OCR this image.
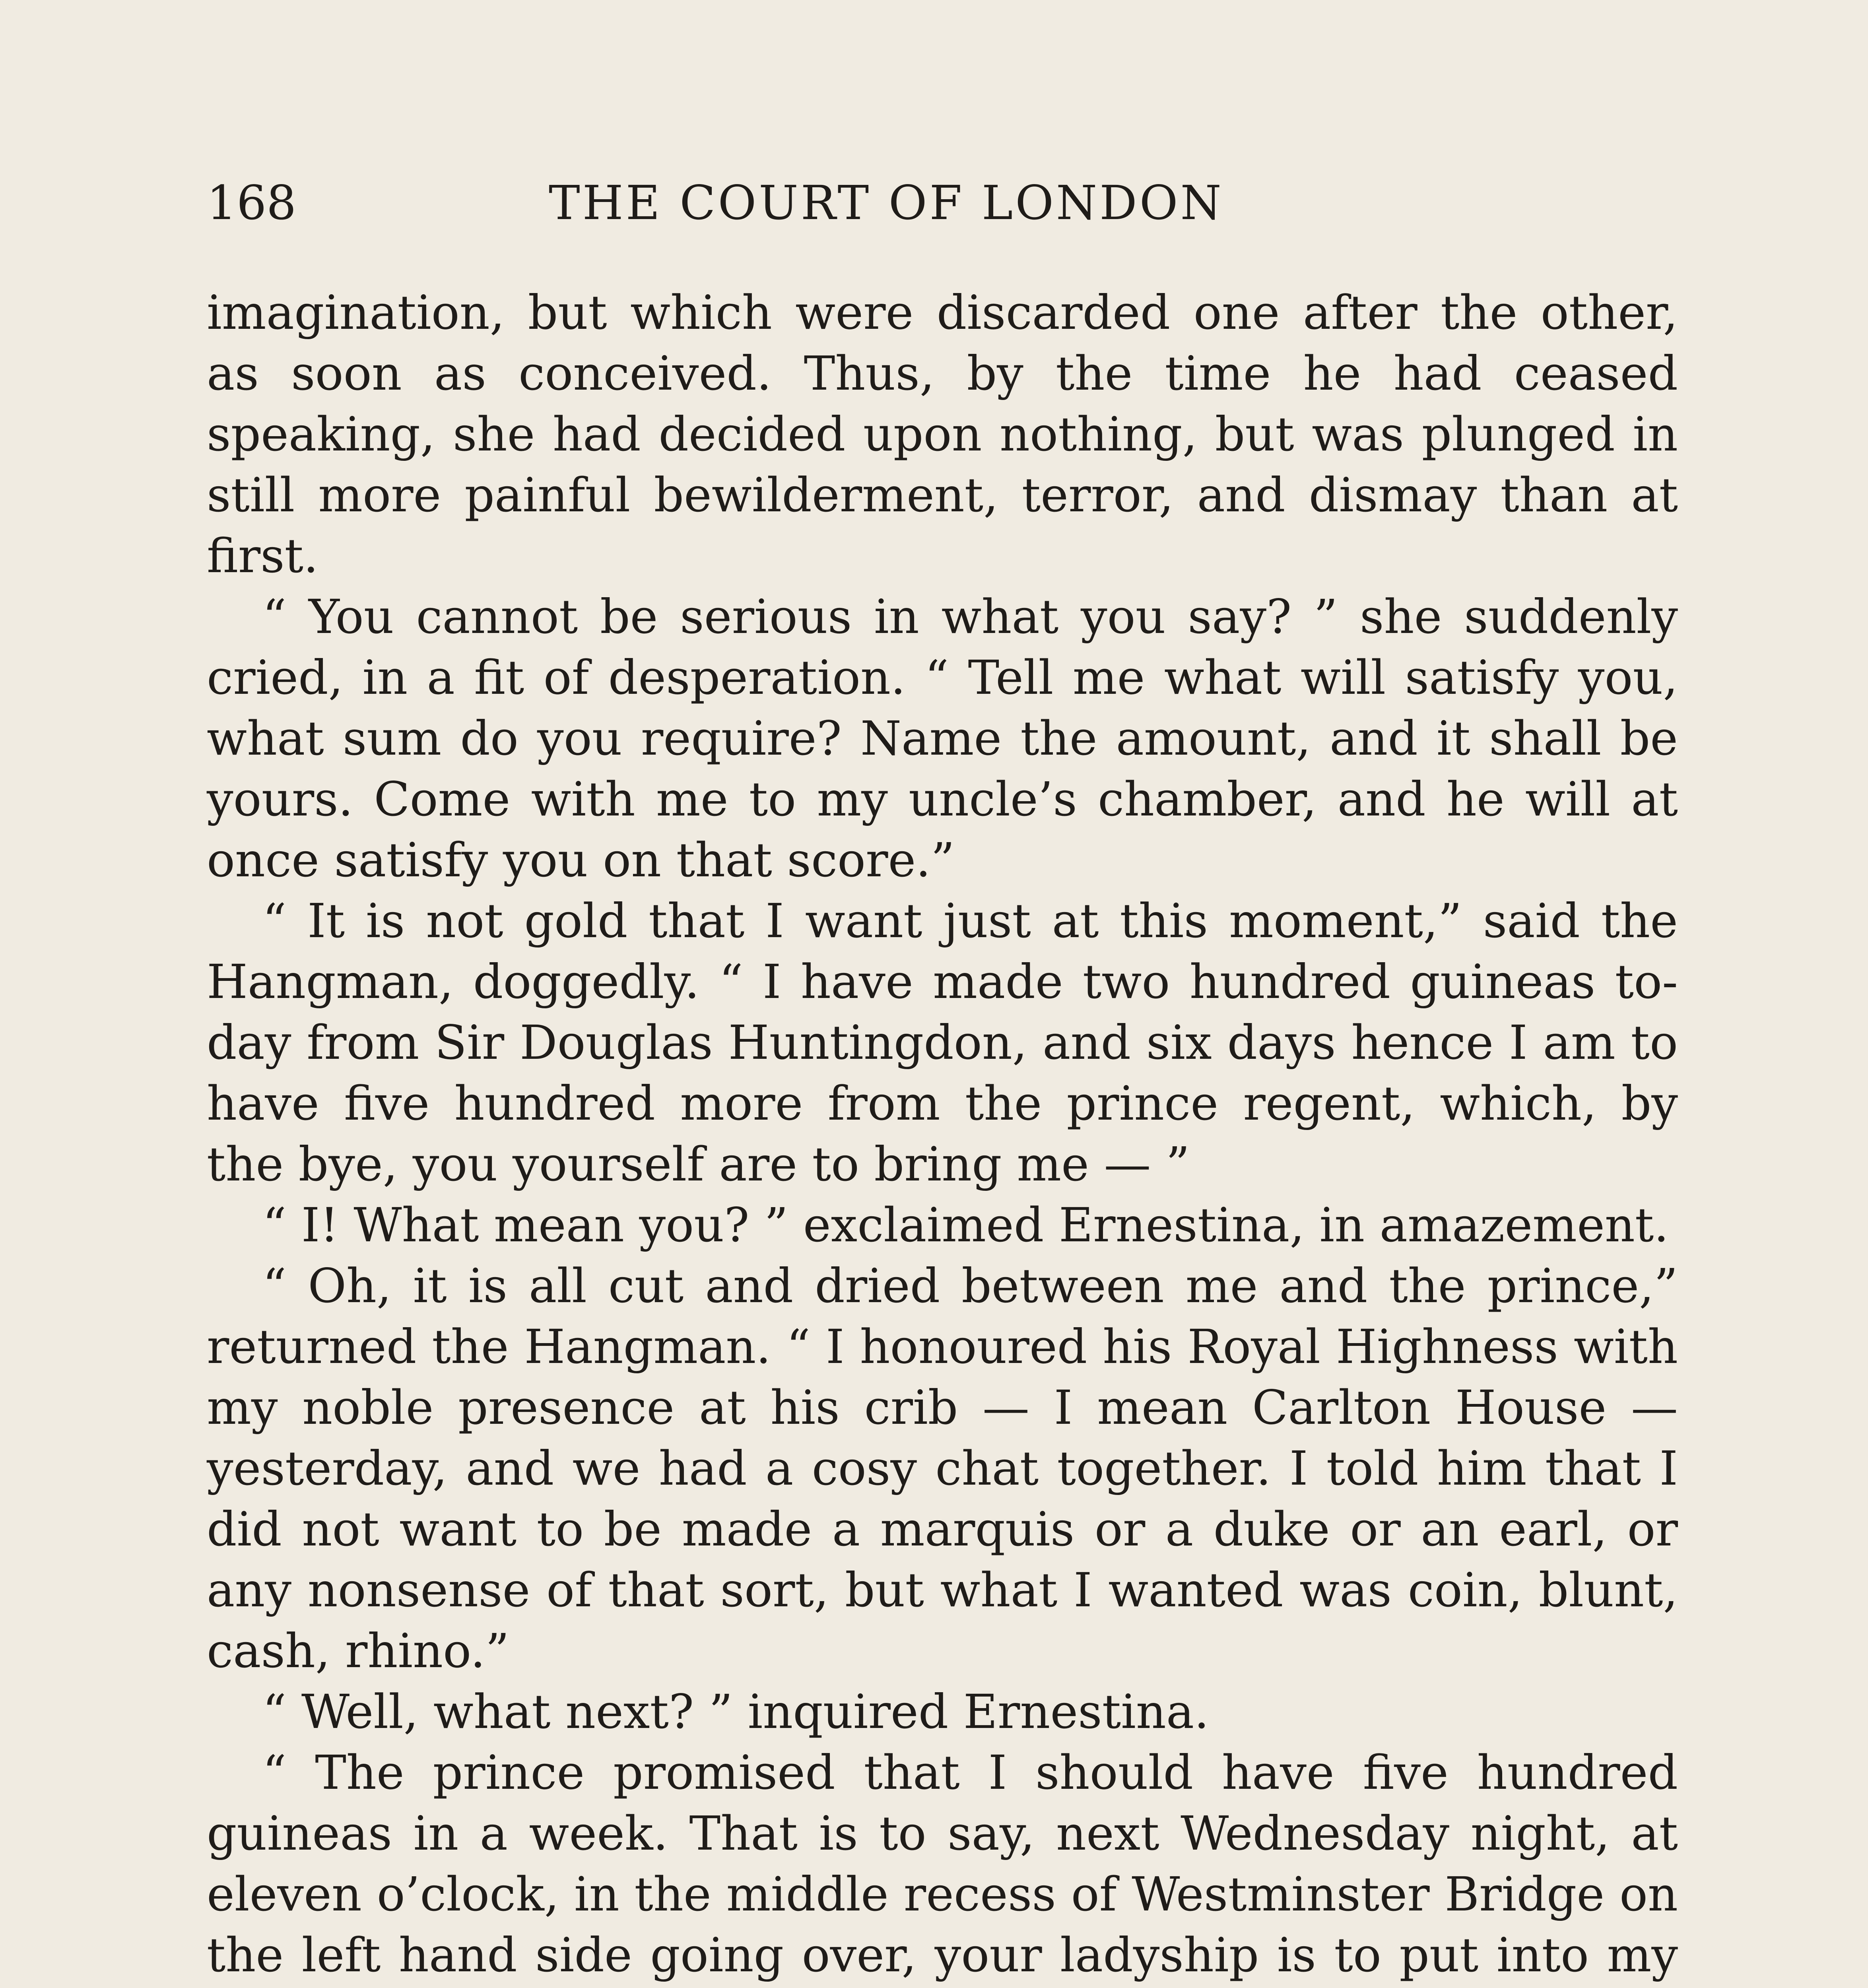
168	THE COURT OF LONDON

imagination, but which were discarded one after the other, as soon as conceived. Thus, by the time he had ceased speaking, she had decided upon nothing, but was plunged in still more painful bewilderment, terror, and dismay than at first.

“ You cannot be serious in what you say? ” she suddenly cried, in a fit of desperation. “ Tell me what will satisfy you, what sum do you require? Name the amount, and it shall be yours. Come with me to my uncle’s chamber, and he will at once satisfy you on that score.”

“ It is not gold that I want just at this moment,” said the Hangman, doggedly. “ I have made two hundred guineas to-day from Sir Douglas Huntingdon, and six days hence I am to have five hundred more from the prince regent, which, by the bye, you yourself are to bring me — ”

“ I! What mean you? ” exclaimed Ernestina, in amazement.

“ Oh, it is all cut and dried between me and the prince,” returned the Hangman. “ I honoured his Royal Highness with my noble presence at his crib — I mean Carlton House — yesterday, and we had a cosy chat together. I told him that I did not want to be made a marquis or a duke or an earl, or any nonsense of that sort, but what I wanted was coin, blunt, cash, rhino.”

“ Well, what next? ” inquired Ernestina.

“ The prince promised that I should have five hundred guineas in a week. That is to say, next Wednesday night, at eleven o’clock, in the middle recess of Westminster Bridge on the left hand side going over, your ladyship is to put into my
